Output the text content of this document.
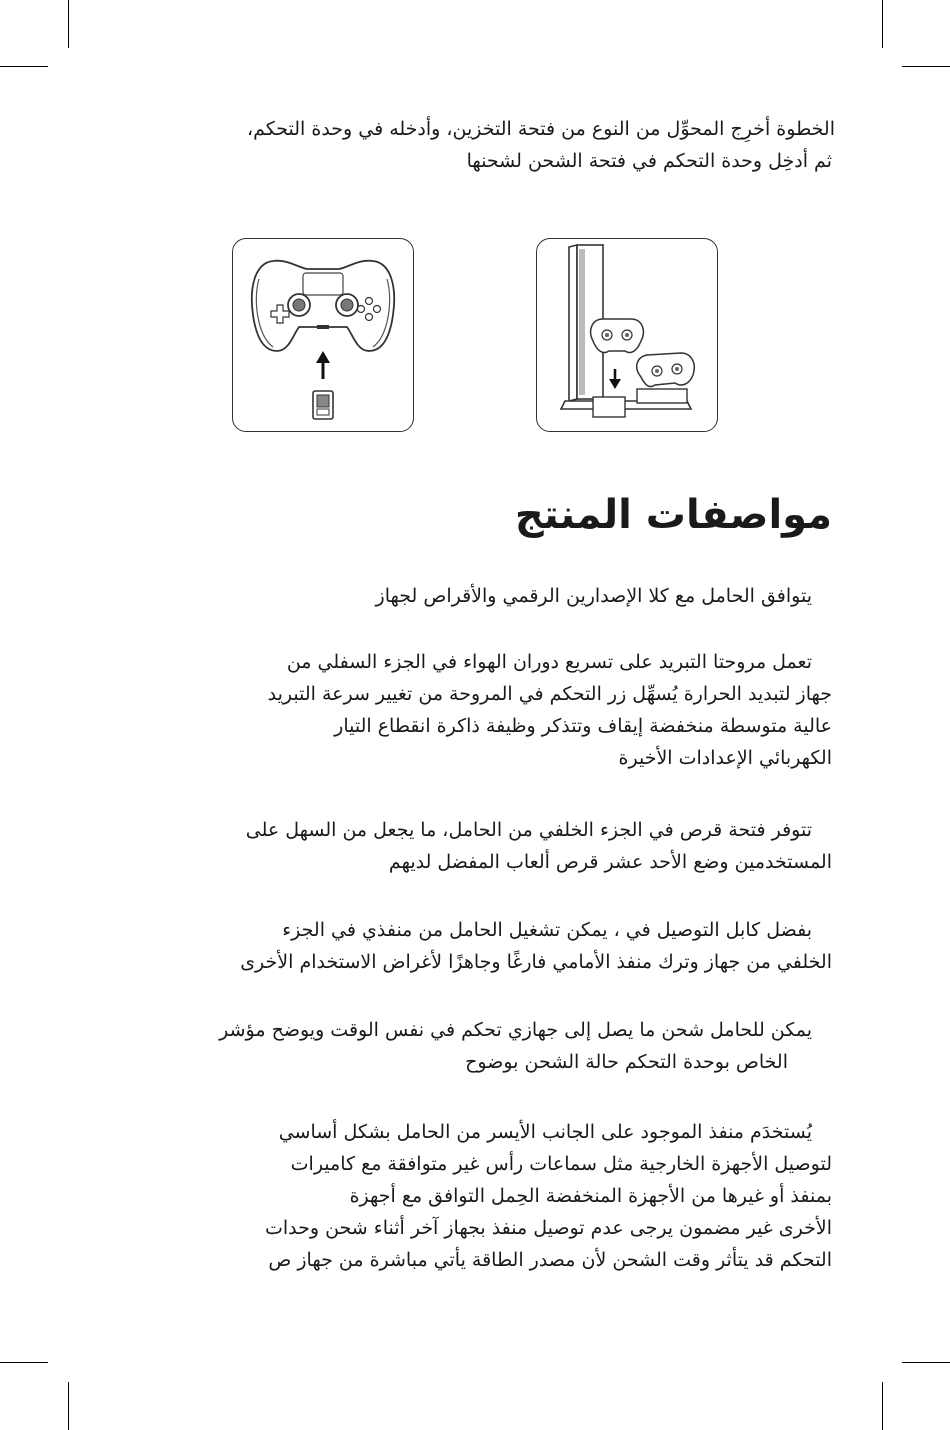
الخطوة أخرِج المحوِّل من النوع من فتحة التخزين، وأدخله في وحدة التحكم،

ثم أدخِل وحدة التحكم في فتحة الشحن لشحنها

مواصفات المنتج

يتوافق الحامل مع كلا الإصدارين الرقمي والأقراص لجهاز

تعمل مروحتا التبريد على تسريع دوران الهواء في الجزء السفلي من

جهاز لتبديد الحرارة يُسهِّل زر التحكم في المروحة من تغيير سرعة التبريد

عالية متوسطة منخفضة إيقاف وتتذكر وظيفة ذاكرة انقطاع التيار

الكهربائي الإعدادات الأخيرة

تتوفر فتحة قرص في الجزء الخلفي من الحامل، ما يجعل من السهل على

المستخدمين وضع الأحد عشر قرص ألعاب المفضل لديهم

بفضل كابل التوصيل في ، يمكن تشغيل الحامل من منفذي في الجزء

الخلفي من جهاز وترك منفذ الأمامي فارغًا وجاهزًا لأغراض الاستخدام الأخرى

يمكن للحامل شحن ما يصل إلى جهازي تحكم في نفس الوقت ويوضح مؤشر

الخاص بوحدة التحكم حالة الشحن بوضوح

يُستخدَم منفذ الموجود على الجانب الأيسر من الحامل بشكل أساسي

لتوصيل الأجهزة الخارجية مثل سماعات رأس غير متوافقة مع كاميرات

بمنفذ أو غيرها من الأجهزة المنخفضة الحِمل التوافق مع أجهزة

الأخرى غير مضمون يرجى عدم توصيل منفذ بجهاز آخر أثناء شحن وحدات

التحكم قد يتأثر وقت الشحن لأن مصدر الطاقة يأتي مباشرة من جهاز ص
